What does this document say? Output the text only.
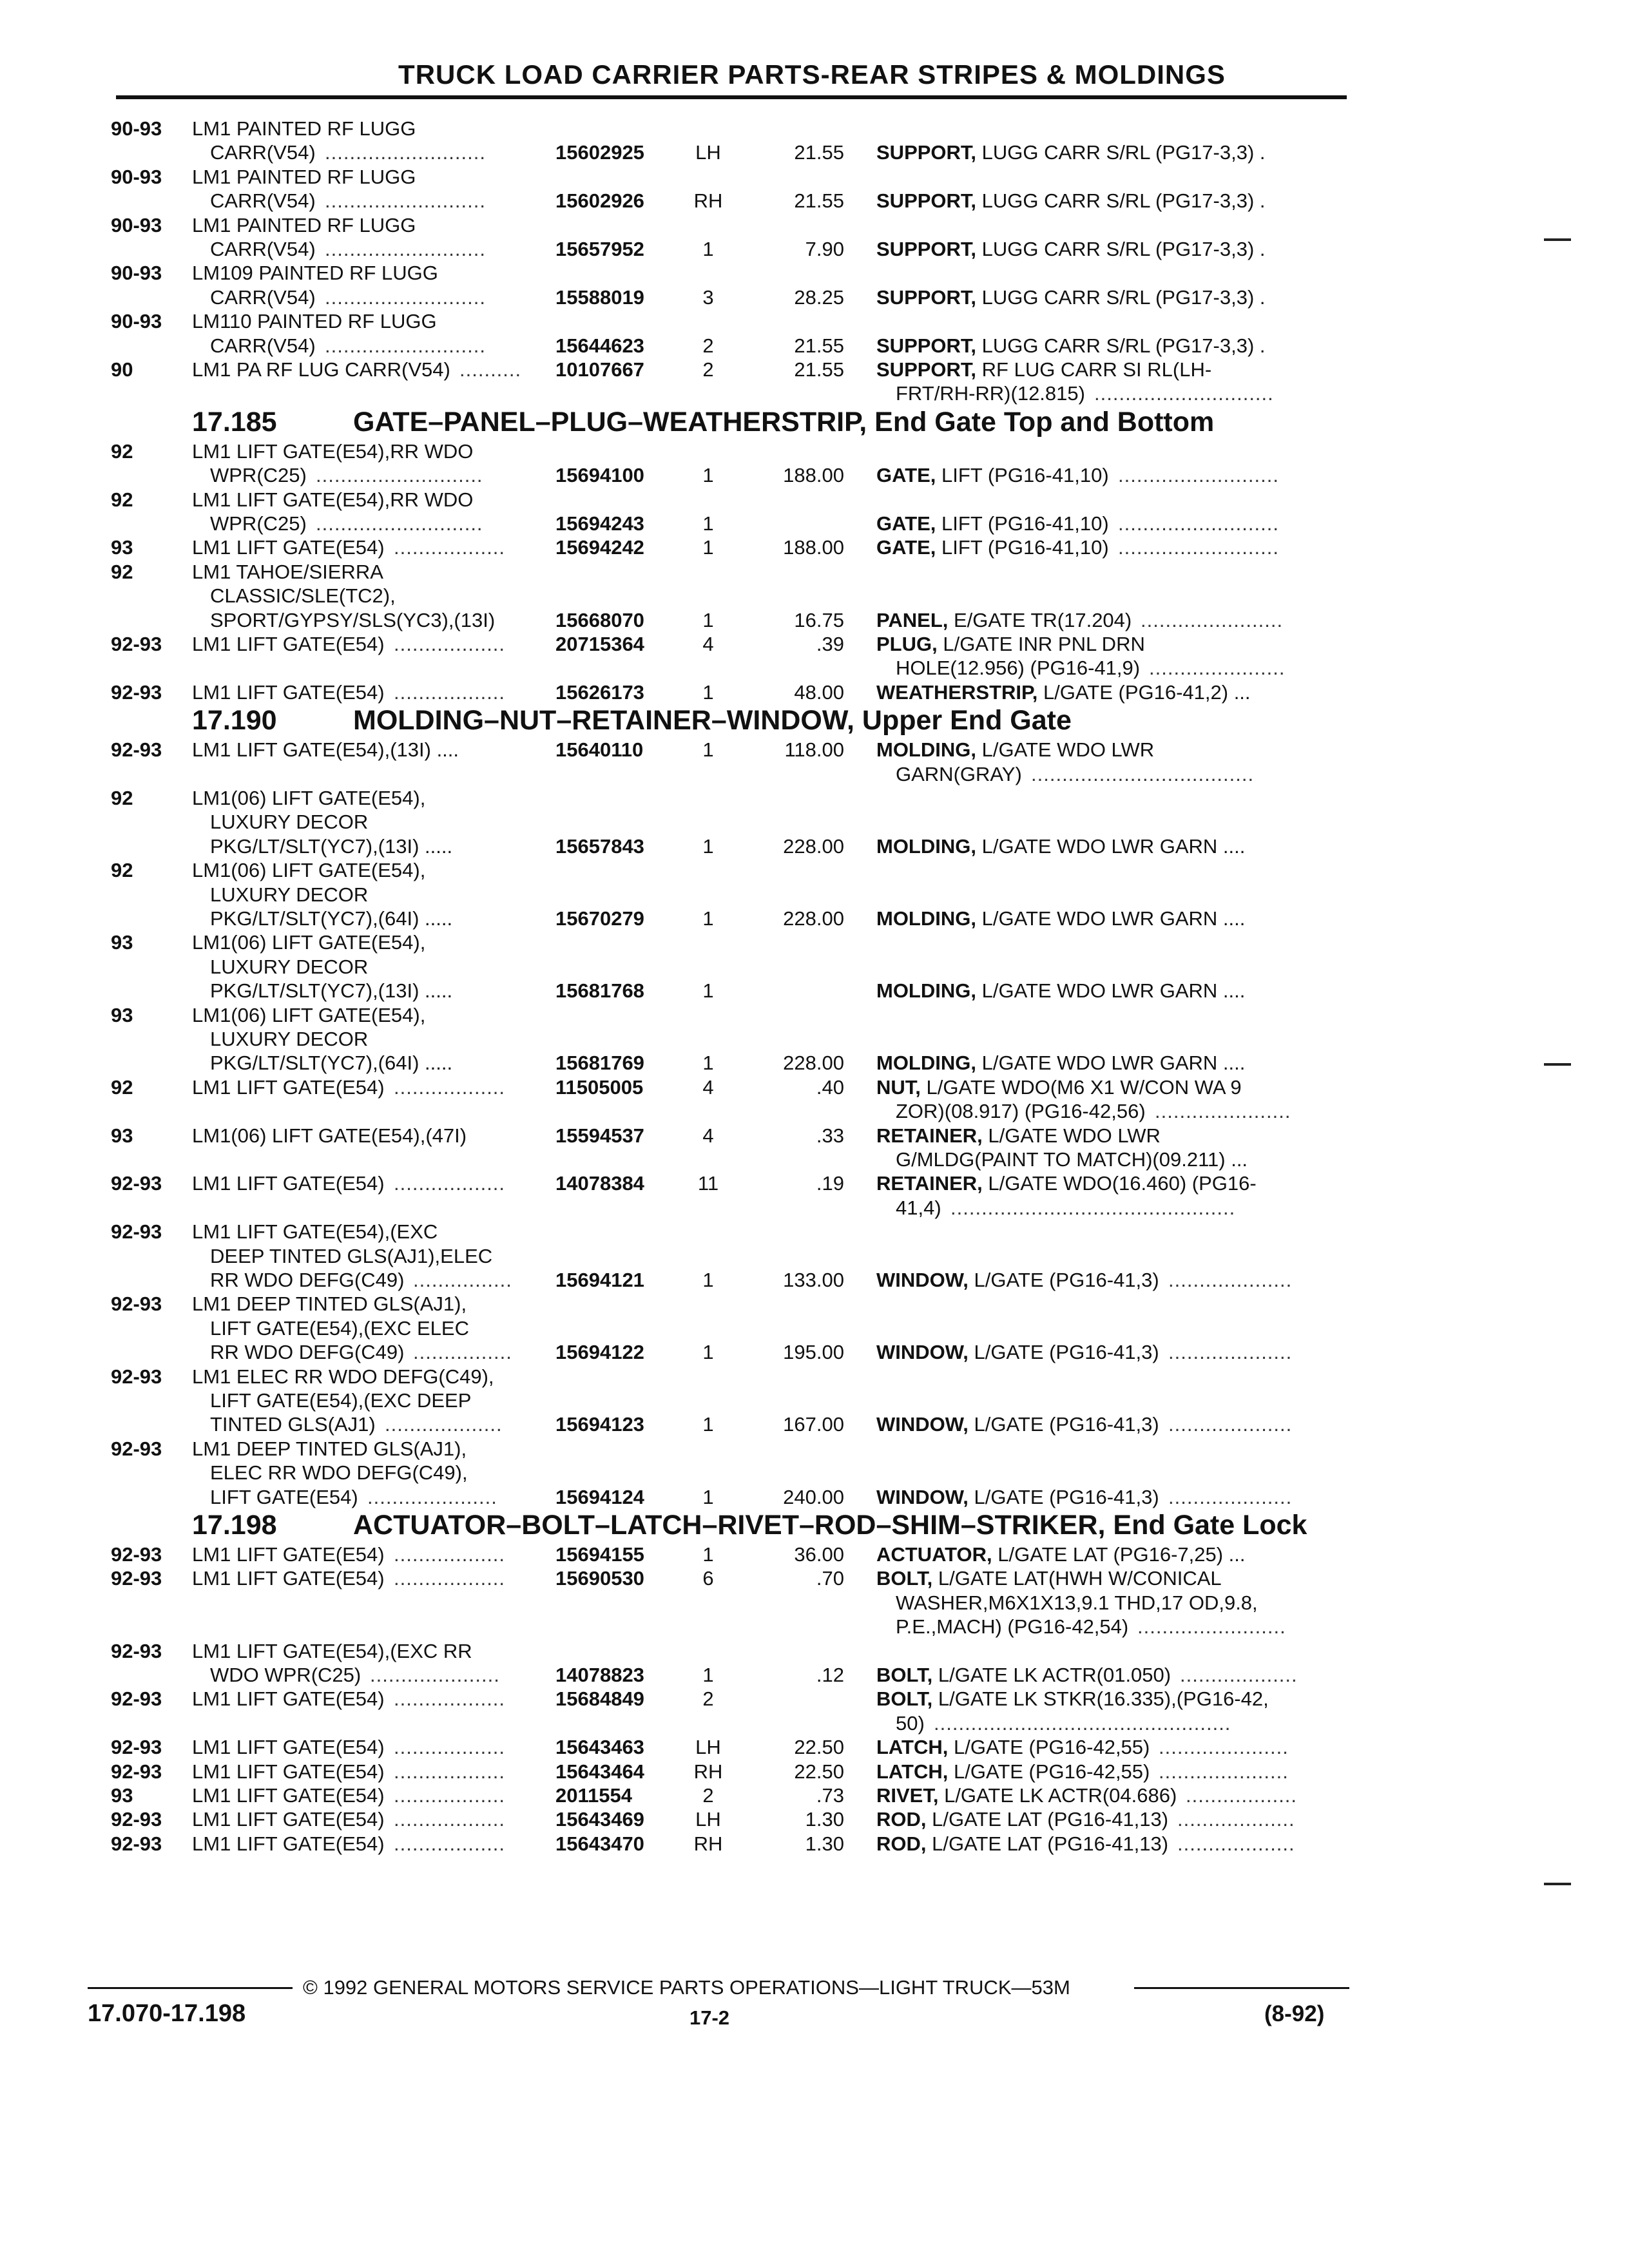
TRUCK LOAD CARRIER PARTS-REAR STRIPES & MOLDINGS
90-93	LM1 PAINTED RF LUGG
CARR(V54)	15602925	LH	21.55 SUPPORT, LUGG CARR S/RL (PG17-3,3) .
..........................
90-93	LM1 PAINTED RF LUGG
CARR(V54)	15602926	RH	21.55 SUPPORT, LUGG CARR S/RL (PG17-3,3) .
..........................
90-93	LM1 PAINTED RF LUGG
CARR(V54)	15657952	1	7.90 SUPPORT, LUGG CARR S/RL (PG17-3,3) .
..........................
90-93	LM109 PAINTED RF LUGG
CARR(V54)	15588019	3	28.25 SUPPORT, LUGG CARR S/RL (PG17-3,3) .
..........................
90-93	LM110 PAINTED RF LUGG
CARR(V54)	15644623	2	21.55 SUPPORT, LUGG CARR S/RL (PG17-3,3) .
..........................
90	LM1 PA RF LUG CARR(V54)	10107667	2	21.55 SUPPORT, RF LUG CARR SI RL(LH-
..........
FRT/RH-RR)(12.815) .............................
17.185	GATE–PANEL–PLUG–WEATHERSTRIP, End Gate Top and Bottom
92	LM1 LIFT GATE(E54),RR WDO
WPR(C25)	15694100	1	188.00 GATE, LIFT (PG16-41,10)
...........................	..........................
92	LM1 LIFT GATE(E54),RR WDO
WPR(C25)	15694243	1	GATE, LIFT (PG16-41,10)
...........................	..........................
93	LM1 LIFT GATE(E54)	15694242	1	188.00 GATE, LIFT (PG16-41,10)
..................	..........................
92	LM1 TAHOE/SIERRA
CLASSIC/SLE(TC2),
SPORT/GYPSY/SLS(YC3),(13I)	15668070	1	16.75 PANEL, E/GATE TR(17.204) .......................
92-93	LM1 LIFT GATE(E54)	20715364	4	.39 PLUG, L/GATE INR PNL DRN
..................
HOLE(12.956) (PG16-41,9) ......................
92-93	LM1 LIFT GATE(E54)	15626173	1	48.00 WEATHERSTRIP, L/GATE (PG16-41,2) ...
..................
17.190	MOLDING–NUT–RETAINER–WINDOW, Upper End Gate
92-93	LM1 LIFT GATE(E54),(13I) ....	15640110	1	118.00 MOLDING, L/GATE WDO LWR
GARN(GRAY) ....................................
92	LM1(06) LIFT GATE(E54),
LUXURY DECOR
PKG/LT/SLT(YC7),(13I) .....	15657843	1	228.00 MOLDING, L/GATE WDO LWR GARN ....
92	LM1(06) LIFT GATE(E54),
LUXURY DECOR
PKG/LT/SLT(YC7),(64I) .....	15670279	1	228.00 MOLDING, L/GATE WDO LWR GARN ....
93	LM1(06) LIFT GATE(E54),
LUXURY DECOR
PKG/LT/SLT(YC7),(13I) .....	15681768	1	MOLDING, L/GATE WDO LWR GARN ....
93	LM1(06) LIFT GATE(E54),
LUXURY DECOR
PKG/LT/SLT(YC7),(64I) .....	15681769	1	228.00 MOLDING, L/GATE WDO LWR GARN ....
92	LM1 LIFT GATE(E54)	11505005	4	.40 NUT, L/GATE WDO(M6 X1 W/CON WA 9
..................
ZOR)(08.917) (PG16-42,56) ......................
93	LM1(06) LIFT GATE(E54),(47I)	15594537	4	.33 RETAINER, L/GATE WDO LWR
G/MLDG(PAINT TO MATCH)(09.211) ...
92-93	LM1 LIFT GATE(E54)	14078384	11	.19 RETAINER, L/GATE WDO(16.460) (PG16-
..................
41,4) ..............................................
92-93	LM1 LIFT GATE(E54),(EXC
DEEP TINTED GLS(AJ1),ELEC
RR WDO DEFG(C49)	15694121	1	133.00 WINDOW, L/GATE (PG16-41,3)
................	....................
92-93	LM1 DEEP TINTED GLS(AJ1),
LIFT GATE(E54),(EXC ELEC
RR WDO DEFG(C49)	15694122	1	195.00 WINDOW, L/GATE (PG16-41,3)
................	....................
92-93	LM1 ELEC RR WDO DEFG(C49),
LIFT GATE(E54),(EXC DEEP
TINTED GLS(AJ1)	15694123	1	167.00 WINDOW, L/GATE (PG16-41,3)
...................	....................
92-93	LM1 DEEP TINTED GLS(AJ1),
ELEC RR WDO DEFG(C49),
LIFT GATE(E54)	15694124	1	240.00 WINDOW, L/GATE (PG16-41,3)
.....................	....................
17.198	ACTUATOR–BOLT–LATCH–RIVET–ROD–SHIM–STRIKER, End Gate Lock
92-93	LM1 LIFT GATE(E54)	15694155	1	36.00 ACTUATOR, L/GATE LAT (PG16-7,25) ...
..................
92-93	LM1 LIFT GATE(E54)	15690530	6	.70 BOLT, L/GATE LAT(HWH W/CONICAL
..................
WASHER,M6X1X13,9.1 THD,17 OD,9.8,
P.E.,MACH) (PG16-42,54) ........................
92-93	LM1 LIFT GATE(E54),(EXC RR
WDO WPR(C25)	14078823	1	.12 BOLT, L/GATE LK ACTR(01.050)
.....................	...................
92-93	LM1 LIFT GATE(E54)	15684849	2	BOLT, L/GATE LK STKR(16.335),(PG16-42,
..................
50) ................................................
92-93	LM1 LIFT GATE(E54)	15643463	LH	22.50 LATCH, L/GATE (PG16-42,55)
..................	.....................
92-93	LM1 LIFT GATE(E54)	15643464	RH	22.50 LATCH, L/GATE (PG16-42,55)
..................	.....................
93	LM1 LIFT GATE(E54)	2011554	2	.73 RIVET, L/GATE LK ACTR(04.686)
..................	..................
92-93	LM1 LIFT GATE(E54)	15643469	LH	1.30 ROD, L/GATE LAT (PG16-41,13)
..................	...................
92-93	LM1 LIFT GATE(E54)	15643470	RH	1.30 ROD, L/GATE LAT (PG16-41,13)
..................	...................
© 1992 GENERAL MOTORS SERVICE PARTS OPERATIONS—LIGHT TRUCK—53M
17.070-17.198	17-2	(8-92)
